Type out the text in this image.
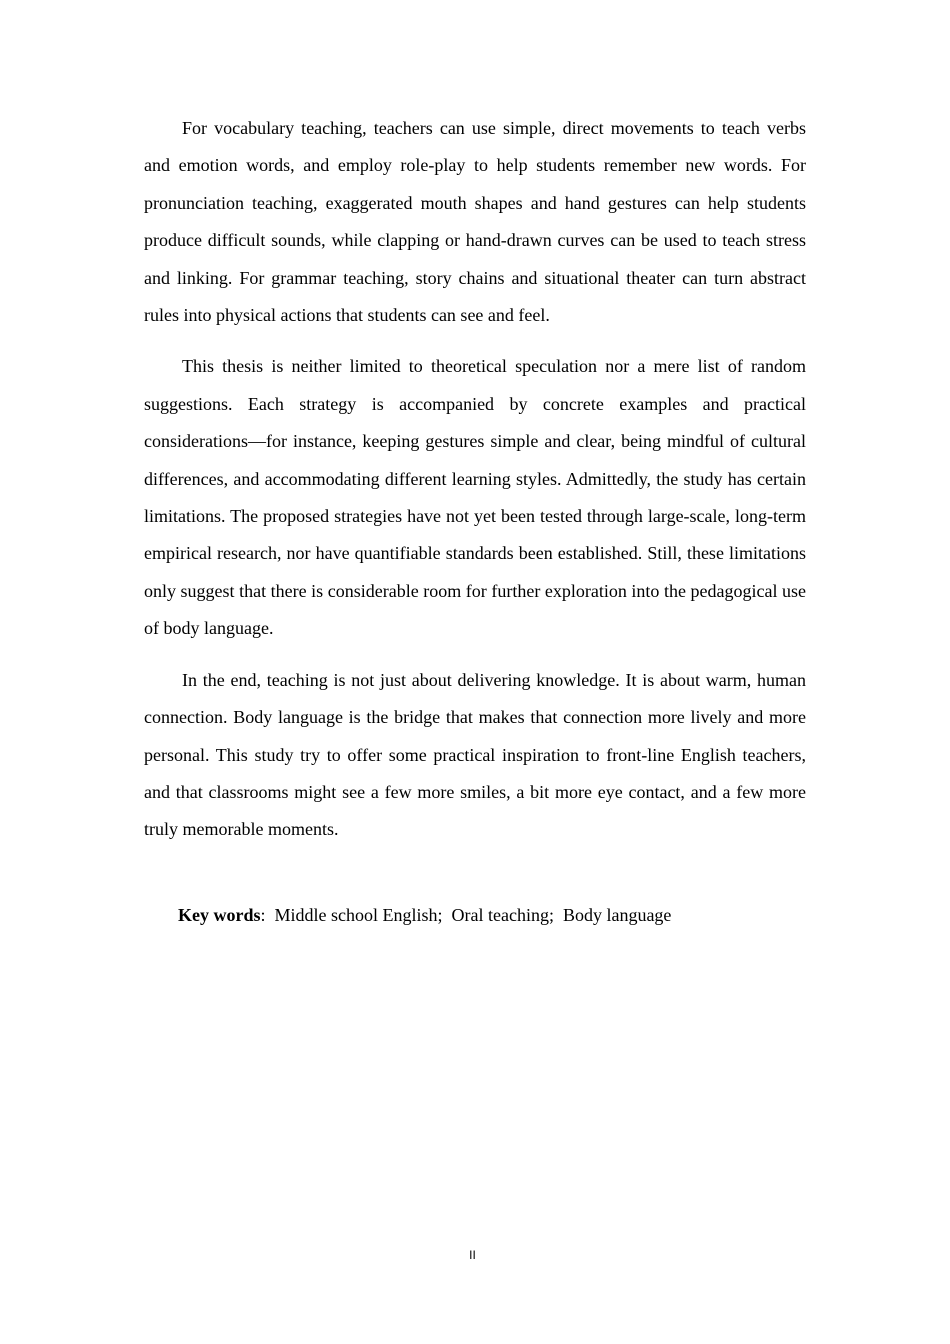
For vocabulary teaching, teachers can use simple, direct movements to teach verbs and emotion words, and employ role-play to help students remember new words. For pronunciation teaching, exaggerated mouth shapes and hand gestures can help students produce difficult sounds, while clapping or hand-drawn curves can be used to teach stress and linking. For grammar teaching, story chains and situational theater can turn abstract rules into physical actions that students can see and feel.

This thesis is neither limited to theoretical speculation nor a mere list of random suggestions. Each strategy is accompanied by concrete examples and practical considerations—for instance, keeping gestures simple and clear, being mindful of cultural differences, and accommodating different learning styles. Admittedly, the study has certain limitations. The proposed strategies have not yet been tested through large-scale, long-term empirical research, nor have quantifiable standards been established. Still, these limitations only suggest that there is considerable room for further exploration into the pedagogical use of body language.

In the end, teaching is not just about delivering knowledge. It is about warm, human connection. Body language is the bridge that makes that connection more lively and more personal. This study try to offer some practical inspiration to front-line English teachers, and that classrooms might see a few more smiles, a bit more eye contact, and a few more truly memorable moments.

Key words:  Middle school English;  Oral teaching;  Body language
II
